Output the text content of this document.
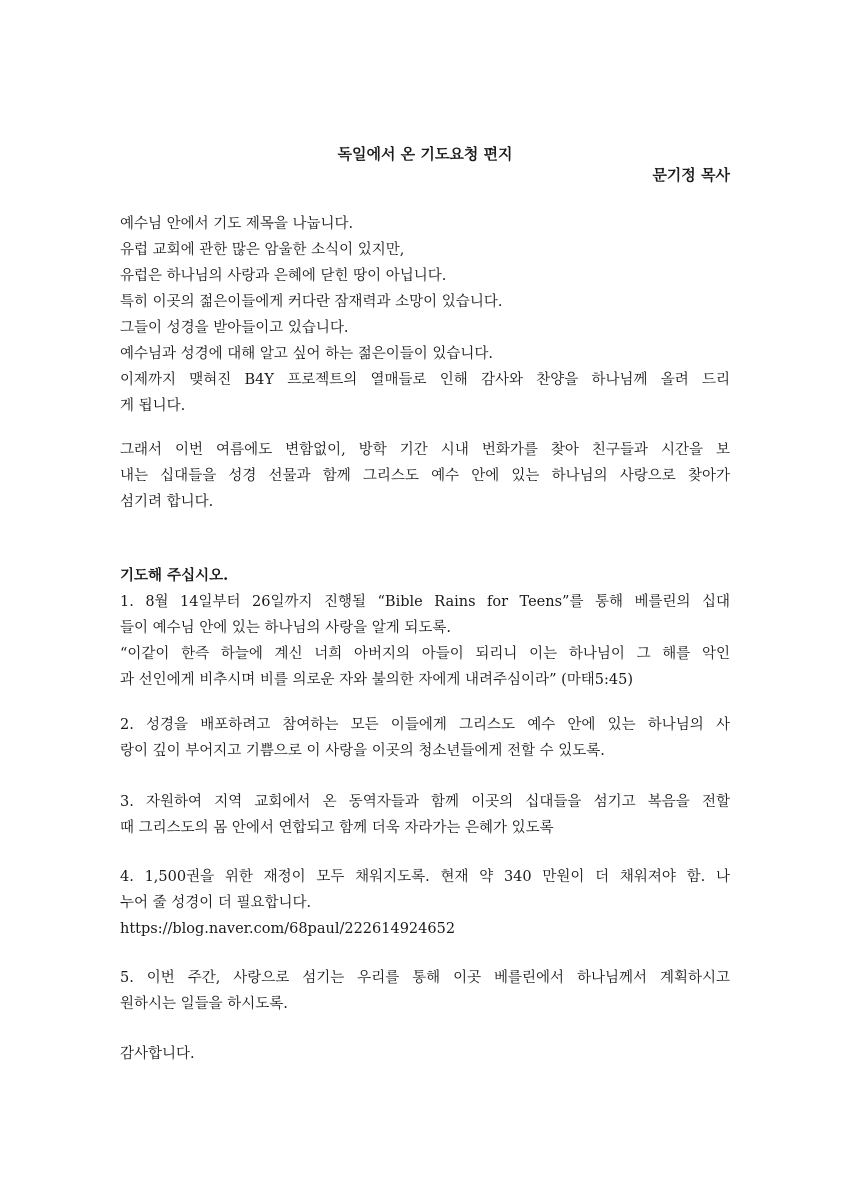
독일에서 온 기도요청 편지

문기정 목사

예수님 안에서 기도 제목을 나눕니다.
유럽 교회에 관한 많은 암울한 소식이 있지만,
유럽은 하나님의 사랑과 은혜에 닫힌 땅이 아닙니다.
특히 이곳의 젊은이들에게 커다란 잠재력과 소망이 있습니다.
그들이 성경을 받아들이고 있습니다.
예수님과 성경에 대해 알고 싶어 하는 젊은이들이 있습니다.
이제까지 맺혀진 B4Y 프로젝트의 열매들로 인해 감사와 찬양을 하나님께 올려 드리
게 됩니다.
그래서 이번 여름에도 변함없이, 방학 기간 시내 번화가를 찾아 친구들과 시간을 보
내는 십대들을 성경 선물과 함께 그리스도 예수 안에 있는 하나님의 사랑으로 찾아가
섬기려 합니다.
기도해 주십시오.
1. 8월 14일부터 26일까지 진행될 “Bible Rains for Teens”를 통해 베를린의 십대
들이 예수님 안에 있는 하나님의 사랑을 알게 되도록.
“이같이 한즉 하늘에 계신 너희 아버지의 아들이 되리니 이는 하나님이 그 해를 악인
과 선인에게 비추시며 비를 의로운 자와 불의한 자에게 내려주심이라” (마태5:45)
2. 성경을 배포하려고 참여하는 모든 이들에게 그리스도 예수 안에 있는 하나님의 사
랑이 깊이 부어지고 기쁨으로 이 사랑을 이곳의 청소년들에게 전할 수 있도록.
3. 자원하여 지역 교회에서 온 동역자들과 함께 이곳의 십대들을 섬기고 복음을 전할
때 그리스도의 몸 안에서 연합되고 함께 더욱 자라가는 은혜가 있도록
4. 1,500권을 위한 재정이 모두 채워지도록. 현재 약 340 만원이 더 채워져야 함. 나
누어 줄 성경이 더 필요합니다.
https://blog.naver.com/68paul/222614924652
5. 이번 주간, 사랑으로 섬기는 우리를 통해 이곳 베를린에서 하나님께서 계획하시고
원하시는 일들을 하시도록.
감사합니다.
